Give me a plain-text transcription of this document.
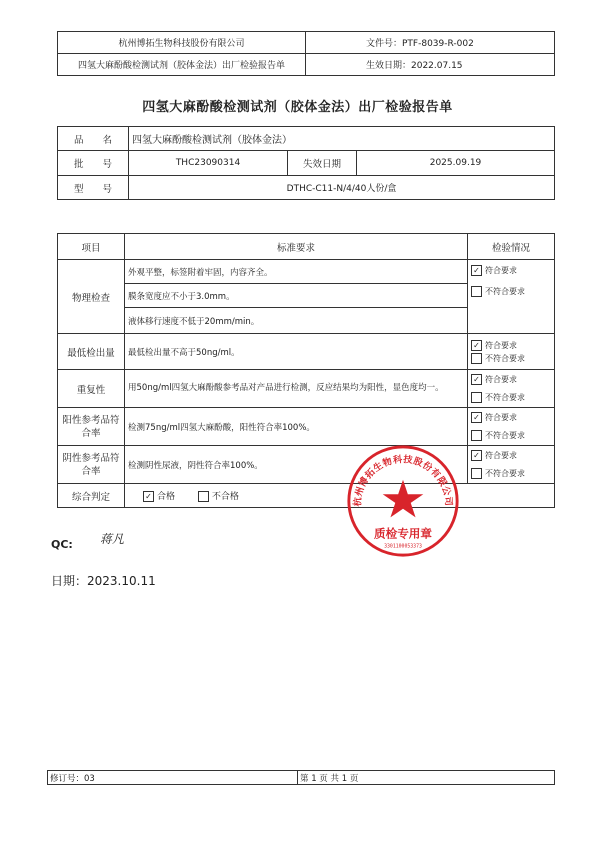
杭州博拓生物科技股份有限公司	文件号：PTF-8039-R-002
四氢大麻酚酸检测试剂（胶体金法）出厂检验报告单	生效日期：2022.07.15
四氢大麻酚酸检测试剂（胶体金法）出厂检验报告单
品　　名	四氢大麻酚酸检测试剂（胶体金法）		
批　　号	THC23090314	失效日期	2025.09.19
型　　号	DTHC-C11-N/4/40人份/盒		
项目	标准要求	检验情况
物理检查	外观平整，标签附着牢固，内容齐全。	✓ 符合要求
不符合要求

	膜条宽度应不小于3.0mm。	
	液体移行速度不低于20mm/min。	
最低检出量	最低检出量不高于50ng/ml。	✓ 符合要求
不符合要求

重复性	用50ng/ml四氢大麻酚酸参考品对产品进行检测，反应结果均为阳性，显色度均一。	✓ 符合要求
不符合要求

阳性参考品符合率	检测75ng/ml四氢大麻酚酸，阳性符合率100%。	✓ 符合要求
不符合要求

阴性参考品符合率	检测阴性尿液，阴性符合率100%。	✓ 符合要求
不符合要求

综合判定	✓ 合格 不合格		杭州博拓生物科技股份有限公司
质检专用章
3301100053373
QC: 蒋凡
日期：2023.10.11
修订号：03	第 1 页 共 1 页
